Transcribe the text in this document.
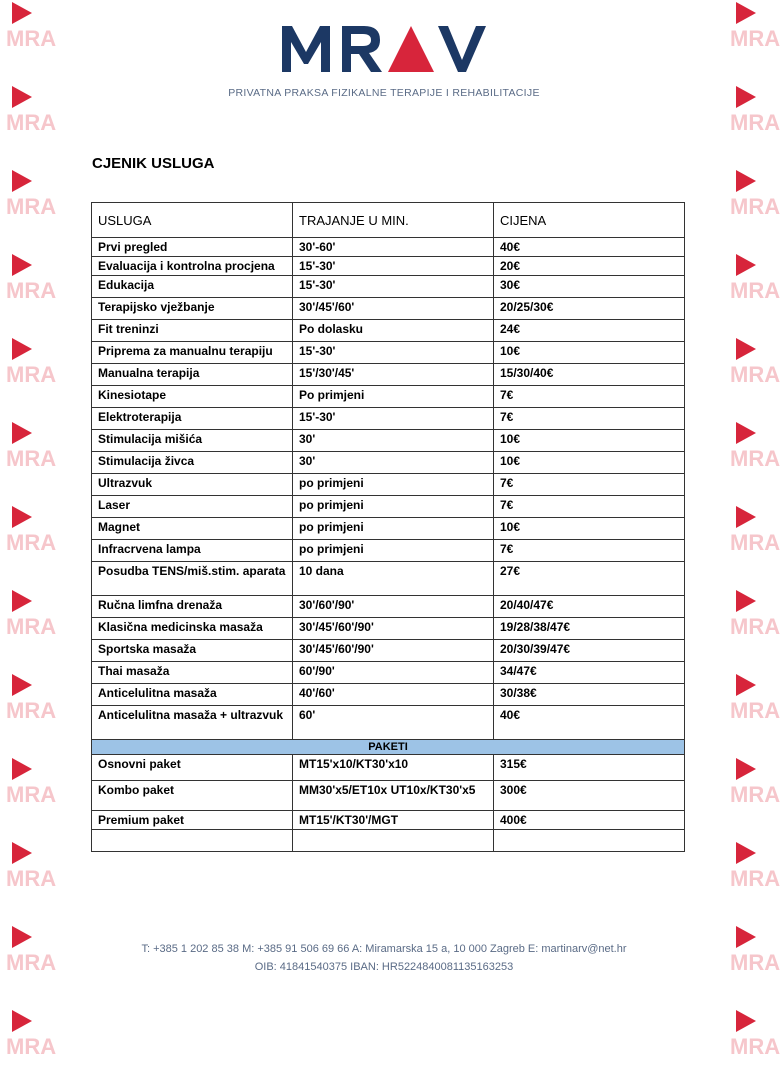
MRA
MRA
MRA
MRA
MRA
MRA
MRA
MRA
MRA
MRA
MRA
MRA
MRA
MRA
MRA
MRA
MRA
MRA
MRA
MRA
MRA
MRA
MRA
MRA
MRA
MRA
PRIVATNA PRAKSA FIZIKALNE TERAPIJE I REHABILITACIJE
CJENIK USLUGA
USLUGA	TRAJANJE U MIN.	CIJENA
Prvi pregled	30'-60'	40€
Evaluacija i kontrolna procjena	15'-30'	20€
Edukacija	15'-30'	30€
Terapijsko vježbanje	30'/45'/60'	20/25/30€
Fit treninzi	Po dolasku	24€
Priprema za manualnu terapiju	15'-30'	10€
Manualna terapija	15'/30'/45'	15/30/40€
Kinesiotape	Po primjeni	7€
Elektroterapija	15'-30'	7€
Stimulacija mišića	30'	10€
Stimulacija živca	30'	10€
Ultrazvuk	po primjeni	7€
Laser	po primjeni	7€
Magnet	po primjeni	10€
Infracrvena lampa	po primjeni	7€
Posudba TENS/miš.stim. aparata	10 dana	27€
Ručna limfna drenaža	30'/60'/90'	20/40/47€
Klasična medicinska masaža	30'/45'/60'/90'	19/28/38/47€
Sportska masaža	30'/45'/60'/90'	20/30/39/47€
Thai masaža	60'/90'	34/47€
Anticelulitna masaža	40'/60'	30/38€
Anticelulitna masaža + ultrazvuk	60'	40€
PAKETI		
Osnovni paket	MT15'x10/KT30'x10	315€
Kombo paket	MM30'x5/ET10x UT10x/KT30'x5	300€
Premium paket	MT15'/KT30'/MGT	400€

T: +385 1 202 85 38 M: +385 91 506 69 66 A: Miramarska 15 a, 10 000 Zagreb E: martinarv@net.hr
OIB: 41841540375 IBAN: HR5224840081135163253
